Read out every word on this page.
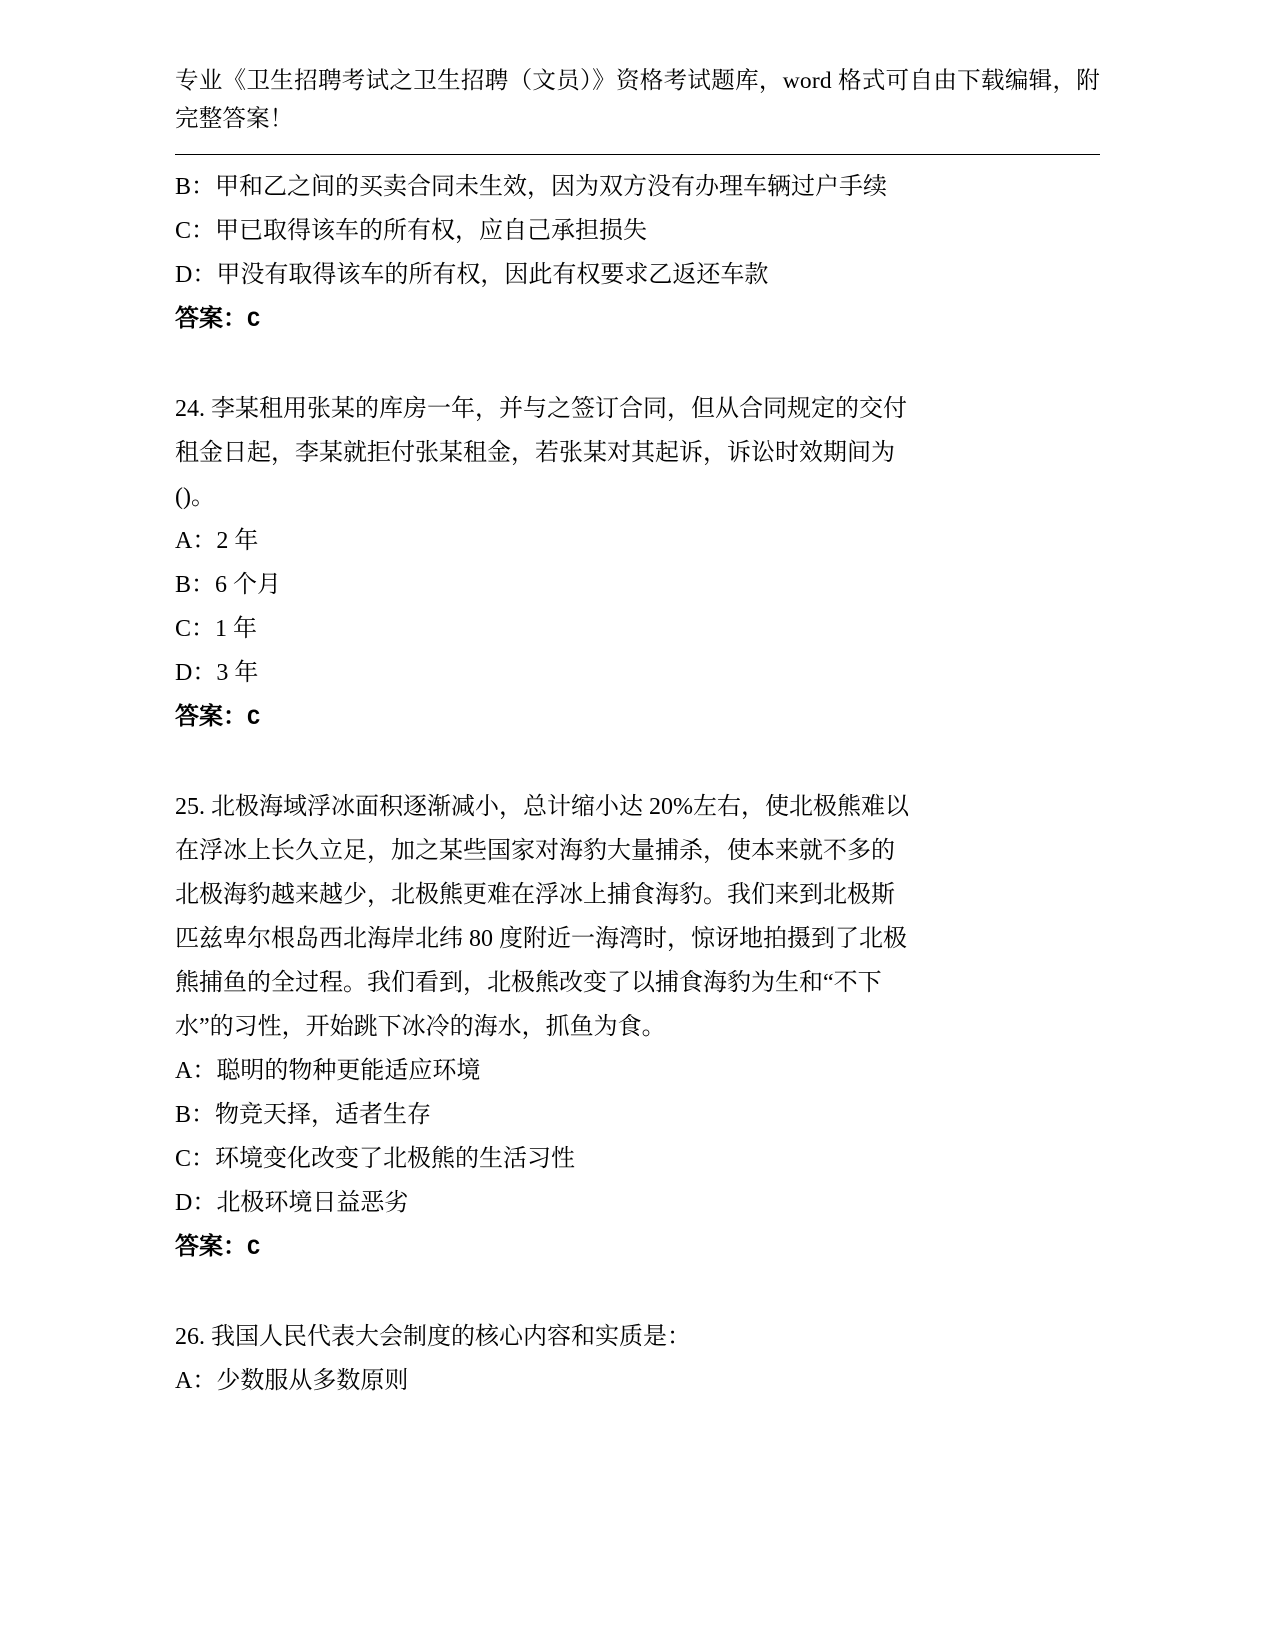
专业《卫生招聘考试之卫生招聘（文员）》资格考试题库，word 格式可自由下载编辑，附完整答案！

B：甲和乙之间的买卖合同未生效，因为双方没有办理车辆过户手续

C：甲已取得该车的所有权，应自己承担损失

D：甲没有取得该车的所有权，因此有权要求乙返还车款

答案：C

24. 李某租用张某的库房一年，并与之签订合同，但从合同规定的交付

租金日起，李某就拒付张某租金，若张某对其起诉，诉讼时效期间为

()。

A：2 年

B：6 个月

C：1 年

D：3 年

答案：C

25. 北极海域浮冰面积逐渐减小，总计缩小达 20%左右，使北极熊难以

在浮冰上长久立足，加之某些国家对海豹大量捕杀，使本来就不多的

北极海豹越来越少，北极熊更难在浮冰上捕食海豹。我们来到北极斯

匹兹卑尔根岛西北海岸北纬 80 度附近一海湾时，惊讶地拍摄到了北极

熊捕鱼的全过程。我们看到，北极熊改变了以捕食海豹为生和“不下

水”的习性，开始跳下冰冷的海水，抓鱼为食。

A：聪明的物种更能适应环境

B：物竞天择，适者生存

C：环境变化改变了北极熊的生活习性

D：北极环境日益恶劣

答案：C

26. 我国人民代表大会制度的核心内容和实质是：

A：少数服从多数原则
